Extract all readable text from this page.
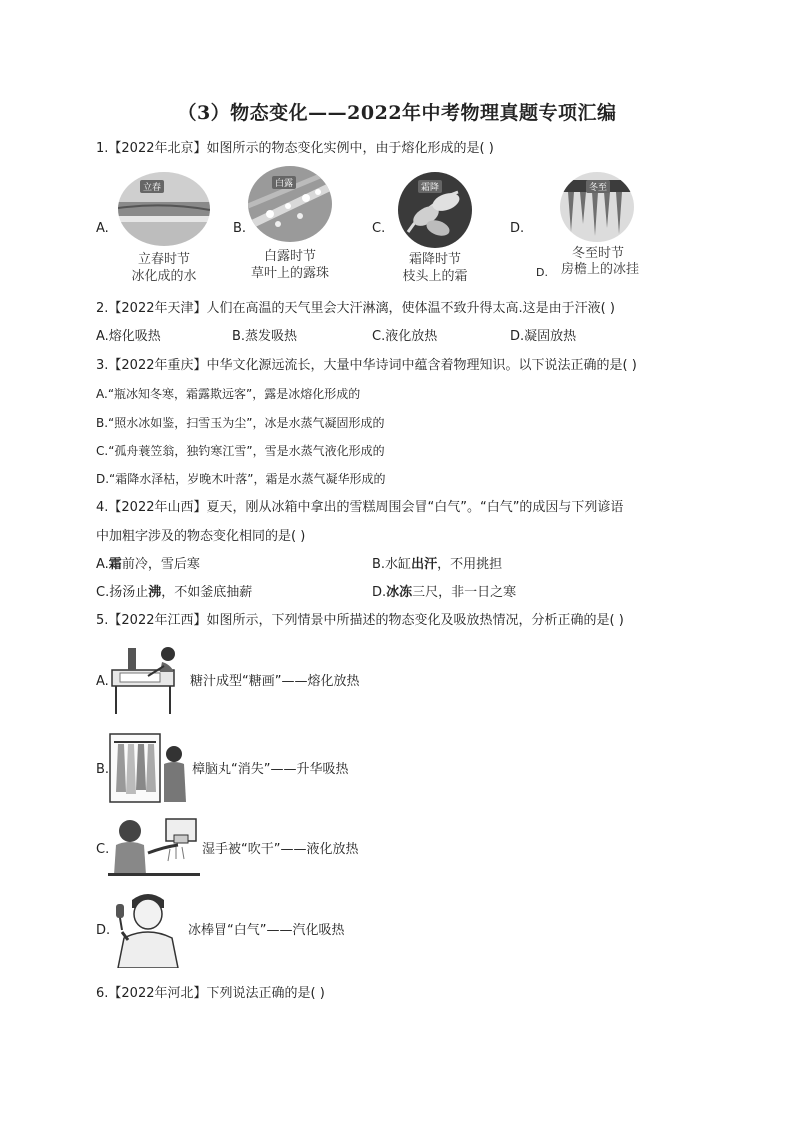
（3）物态变化——2022年中考物理真题专项汇编
1.【2022年北京】如图所示的物态变化实例中，由于熔化形成的是( )
A.
立春
立春时节
冰化成的水
B.
白露
白露时节
草叶上的露珠
C.
霜降
霜降时节
枝头上的霜
D.
冬至
冬至时节
房檐上的冰挂
D.
2.【2022年天津】人们在高温的天气里会大汗淋漓，使体温不致升得太高.这是由于汗液( )
A.熔化吸热	B.蒸发吸热	C.液化放热	D.凝固放热
3.【2022年重庆】中华文化源远流长，大量中华诗词中蕴含着物理知识。以下说法正确的是( )
A.“瓶冰知冬寒，霜露欺远客”，露是冰熔化形成的
B.“照水冰如鉴，扫雪玉为尘”，冰是水蒸气凝固形成的
C.“孤舟蓑笠翁，独钓寒江雪”，雪是水蒸气液化形成的
D.“霜降水泽枯，岁晚木叶落”，霜是水蒸气凝华形成的
4.【2022年山西】夏天，刚从冰箱中拿出的雪糕周围会冒“白气”。“白气”的成因与下列谚语
中加粗字涉及的物态变化相同的是( )
A.霜前冷，雪后寒	B.水缸出汗，不用挑担
C.扬汤止沸，不如釜底抽薪	D.冰冻三尺，非一日之寒
5.【2022年江西】如图所示，下列情景中所描述的物态变化及吸放热情况，分析正确的是( )
A.	糖汁成型“糖画”——熔化放热
B.	樟脑丸“消失”——升华吸热
C.	湿手被“吹干”——液化放热
D.	冰棒冒“白气”——汽化吸热
6.【2022年河北】下列说法正确的是( )
